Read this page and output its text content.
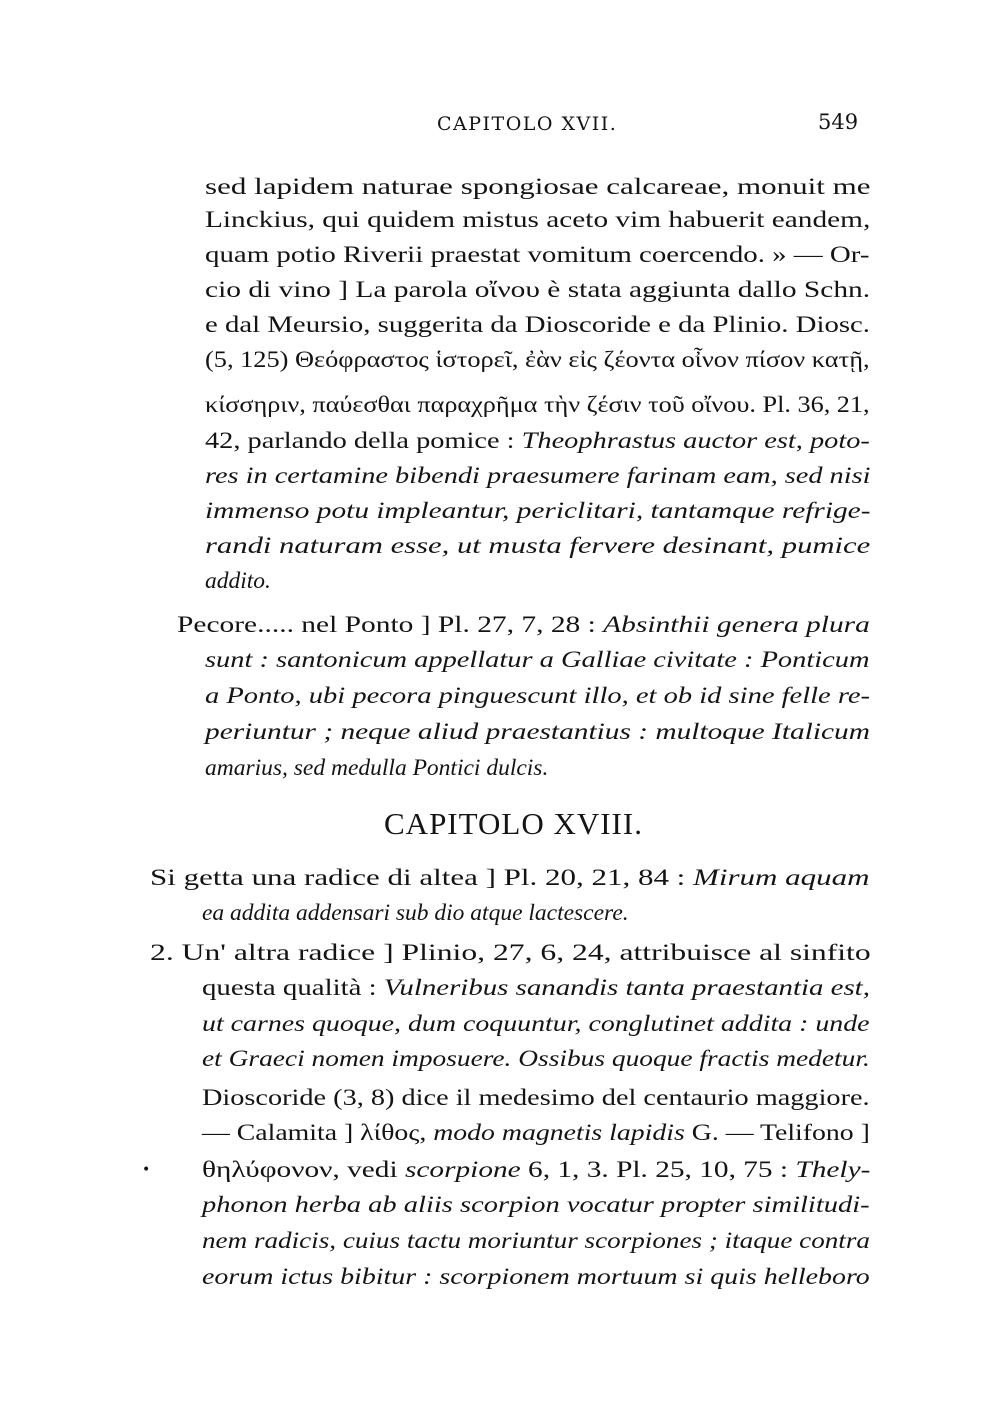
CAPITOLO XVII.	549
sed lapidem naturae spongiosae calcareae, monuit me
Linckius, qui quidem mistus aceto vim habuerit eandem,
quam potio Riverii praestat vomitum coercendo. » — Or-
cio di vino ] La parola οἴνου è stata aggiunta dallo Schn.
e dal Meursio, suggerita da Dioscoride e da Plinio. Diosc.
(5, 125) Θεόφραστος ἱστορεῖ, ἐὰν εἰς ζέοντα οἶνον πίσον κατῇ,
κίσσηριν, παύεσθαι παραχρῆμα τὴν ζέσιν τοῦ οἴνου. Pl. 36, 21,
42, parlando della pomice : Theophrastus auctor est, poto-
res in certamine bibendi praesumere farinam eam, sed nisi
immenso potu impleantur, periclitari, tantamque refrige-
randi naturam esse, ut musta fervere desinant, pumice
addito.
Pecore..... nel Ponto ] Pl. 27, 7, 28 : Absinthii genera plura
sunt : santonicum appellatur a Galliae civitate : Ponticum
a Ponto, ubi pecora pinguescunt illo, et ob id sine felle re-
periuntur ; neque aliud praestantius : multoque Italicum
amarius, sed medulla Pontici dulcis.
CAPITOLO XVIII.
Si getta una radice di altea ] Pl. 20, 21, 84 : Mirum aquam
ea addita addensari sub dio atque lactescere.
2. Un' altra radice ] Plinio, 27, 6, 24, attribuisce al sinfito
questa qualità : Vulneribus sanandis tanta praestantia est,
ut carnes quoque, dum coquuntur, conglutinet addita : unde
et Graeci nomen imposuere. Ossibus quoque fractis medetur.
Dioscoride (3, 8) dice il medesimo del centaurio maggiore.
— Calamita ] λίθος, modo magnetis lapidis G. — Telifono ]
θηλύφονον, vedi scorpione 6, 1, 3. Pl. 25, 10, 75 : Thely-
phonon herba ab aliis scorpion vocatur propter similitudi-
nem radicis, cuius tactu moriuntur scorpiones ; itaque contra
eorum ictus bibitur : scorpionem mortuum si quis helleboro
•
